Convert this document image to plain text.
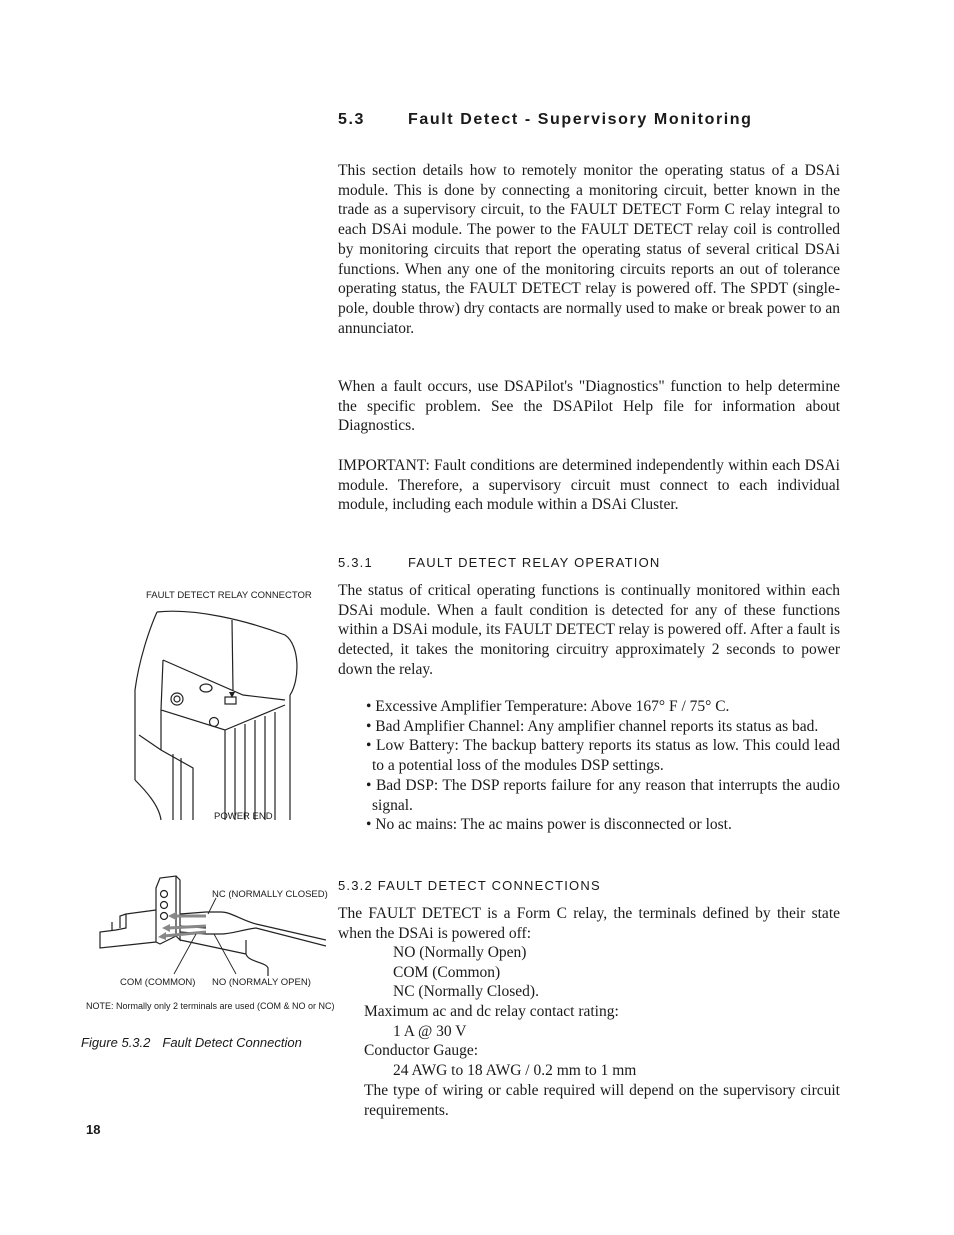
5.3	Fault Detect - Supervisory Monitoring
This section details how to remotely monitor the operating status of a DSAi module. This is done by connecting a monitoring circuit, better known in the trade as a supervisory circuit, to the FAULT DETECT Form C relay integral to each DSAi module. The power to the FAULT DETECT relay coil is controlled by monitoring circuits that report the operating status of several critical DSAi functions. When any one of the monitoring circuits reports an out of tolerance operating status, the FAULT DETECT relay is powered off. The SPDT (single-pole, double throw) dry contacts are normally used to make or break power to an annunciator.
When a fault occurs, use DSAPilot's "Diagnostics" function to help determine the specific problem. See the DSAPilot Help file for information about Diagnostics.
IMPORTANT: Fault conditions are determined independently within each DSAi module. Therefore, a supervisory circuit must connect to each individual module, including each module within a DSAi Cluster.
5.3.1	FAULT DETECT RELAY OPERATION
The status of critical operating functions is continually monitored within each DSAi module. When a fault condition is detected for any of these functions within a DSAi module, its FAULT DETECT relay is powered off. After a fault is detected, it takes the monitoring circuitry approximately 2 seconds to power down the relay.

• Excessive Amplifier Temperature: Above 167° F / 75° C.

• Bad Amplifier Channel: Any amplifier channel reports its status as bad.

• Low Battery: The backup battery reports its status as low. This could lead to a potential loss of the modules DSP settings.

• Bad DSP: The DSP reports failure for any reason that interrupts the audio signal.

• No ac mains: The ac mains power is disconnected or lost.

5.3.2 FAULT DETECT CONNECTIONS
The FAULT DETECT is a Form C relay, the terminals defined by their state when the DSAi is powered off:
NO (Normally Open)
COM (Common)
NC (Normally Closed).
Maximum ac and dc relay contact rating:
1 A @ 30 V
Conductor Gauge:
24 AWG to 18 AWG / 0.2 mm to 1 mm
The type of wiring or cable required will depend on the supervisory circuit requirements.
FAULT DETECT RELAY CONNECTOR
POWER END
NC (NORMALLY CLOSED)
COM (COMMON) NO (NORMALY OPEN)
NOTE: Normally only 2 terminals are used (COM & NO or NC)
Figure 5.3.2 Fault Detect Connection
18
